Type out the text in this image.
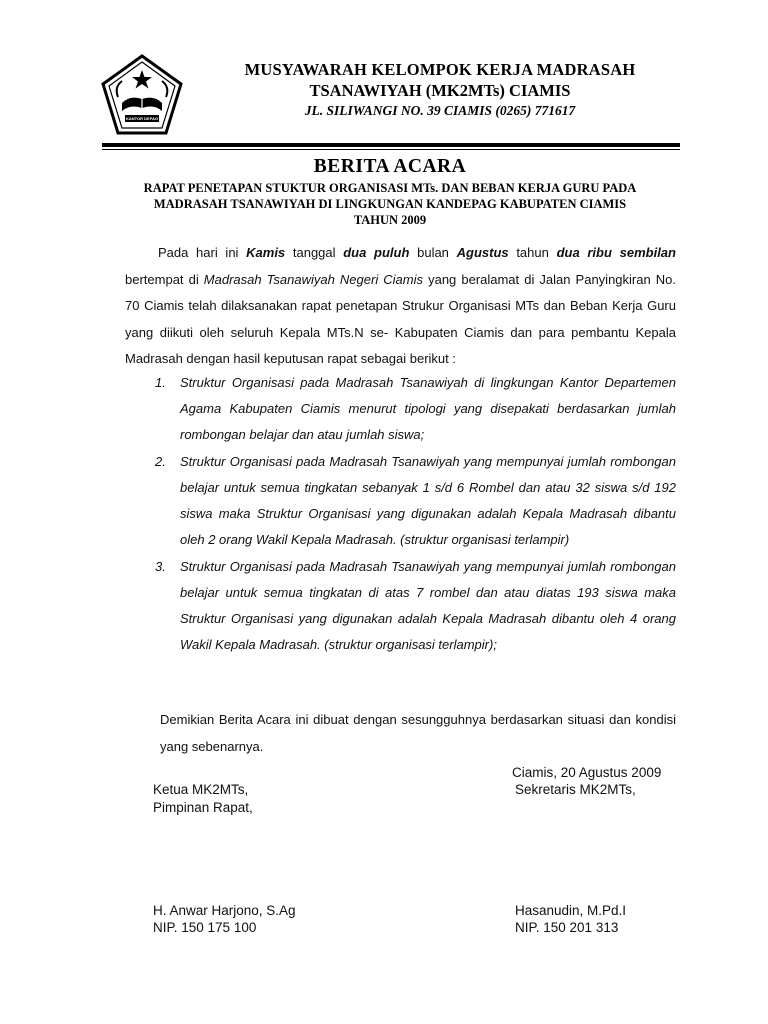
KANTOR DEPAG
MUSYAWARAH KELOMPOK KERJA MADRASAH
TSANAWIYAH (MK2MTs) CIAMIS
JL. SILIWANGI NO. 39 CIAMIS (0265) 771617
BERITA ACARA
RAPAT PENETAPAN STUKTUR ORGANISASI MTs. DAN BEBAN KERJA GURU PADA
MADRASAH TSANAWIYAH DI LINGKUNGAN KANDEPAG KABUPATEN CIAMIS
TAHUN 2009
Pada hari ini Kamis tanggal dua puluh bulan Agustus tahun dua ribu sembilan bertempat di Madrasah Tsanawiyah Negeri Ciamis yang beralamat di Jalan Panyingkiran No. 70 Ciamis telah dilaksanakan rapat penetapan Strukur Organisasi MTs dan Beban Kerja Guru yang diikuti oleh seluruh Kepala MTs.N se- Kabupaten Ciamis dan para pembantu Kepala Madrasah dengan hasil keputusan rapat sebagai berikut :
1. Struktur Organisasi pada Madrasah Tsanawiyah di lingkungan Kantor Departemen Agama Kabupaten Ciamis menurut tipologi yang disepakati berdasarkan jumlah rombongan belajar dan atau jumlah siswa;
2. Struktur Organisasi pada Madrasah Tsanawiyah yang mempunyai jumlah rombongan belajar untuk semua tingkatan sebanyak 1 s/d 6 Rombel dan atau 32 siswa s/d 192 siswa maka Struktur Organisasi yang digunakan adalah Kepala Madrasah dibantu oleh 2 orang Wakil Kepala Madrasah. (struktur organisasi terlampir)
3. Struktur Organisasi pada Madrasah Tsanawiyah yang mempunyai jumlah rombongan belajar untuk semua tingkatan di atas 7 rombel dan atau diatas 193 siswa maka Struktur Organisasi yang digunakan adalah Kepala Madrasah dibantu oleh 4 orang Wakil Kepala Madrasah. (struktur organisasi terlampir);
Demikian Berita Acara ini dibuat dengan sesungguhnya berdasarkan situasi dan kondisi yang sebenarnya.
Ciamis, 20 Agustus 2009
Ketua MK2MTs,
Pimpinan Rapat,
Sekretaris MK2MTs,
H. Anwar Harjono, S.Ag
NIP. 150 175 100
Hasanudin, M.Pd.I
NIP. 150 201 313
